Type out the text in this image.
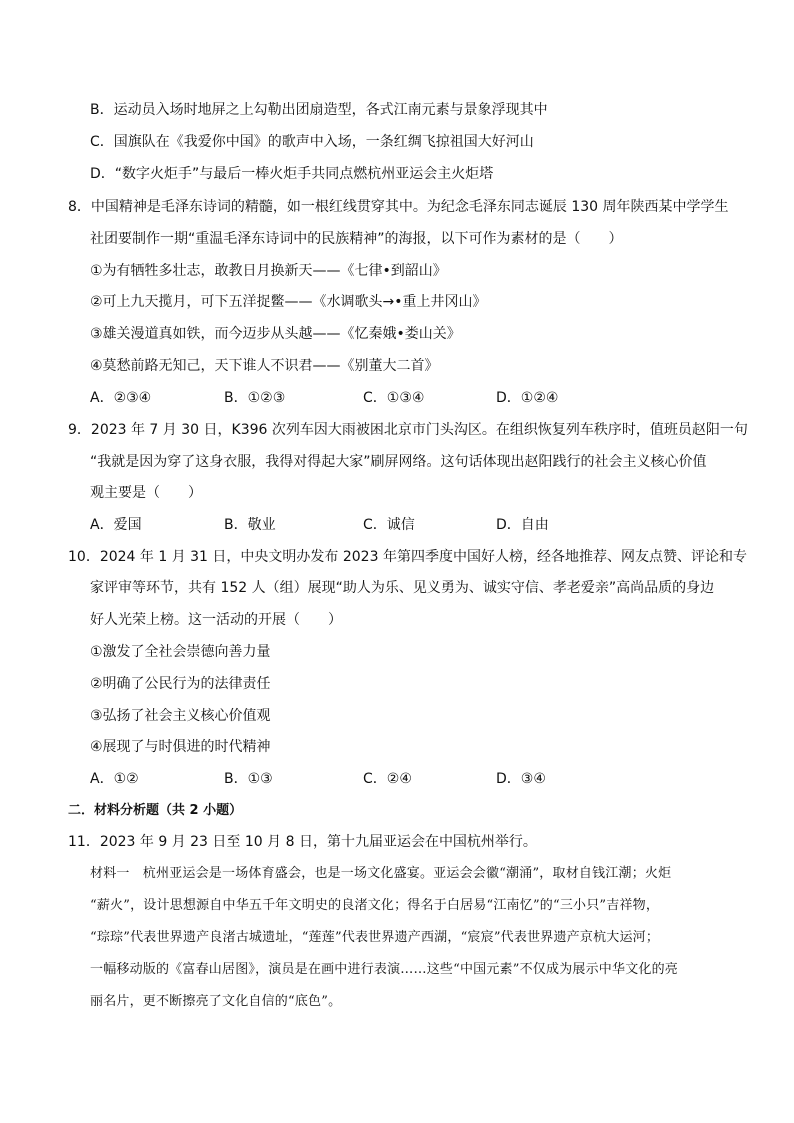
B．运动员入场时地屏之上勾勒出团扇造型，各式江南元素与景象浮现其中
C．国旗队在《我爱你中国》的歌声中入场，一条红绸飞掠祖国大好河山
D．“数字火炬手”与最后一棒火炬手共同点燃杭州亚运会主火炬塔
8．中国精神是毛泽东诗词的精髓，如一根红线贯穿其中。为纪念毛泽东同志诞辰 130 周年陕西某中学学生
社团要制作一期“重温毛泽东诗词中的民族精神”的海报，以下可作为素材的是（　　）
①为有牺牲多壮志，敢教日月换新天——《七律•到韶山》
②可上九天揽月，可下五洋捉鳖——《水调歌头→•重上井冈山》
③雄关漫道真如铁，而今迈步从头越——《忆秦娥•娄山关》
④莫愁前路无知己，天下谁人不识君——《别董大二首》
A．②③④	B．①②③	C．①③④	D．①②④
9．2023 年 7 月 30 日，K396 次列车因大雨被困北京市门头沟区。在组织恢复列车秩序时，值班员赵阳一句
“我就是因为穿了这身衣服，我得对得起大家”刷屏网络。这句话体现出赵阳践行的社会主义核心价值
观主要是（　　）
A．爱国	B．敬业	C．诚信	D．自由
10．2024 年 1 月 31 日，中央文明办发布 2023 年第四季度中国好人榜，经各地推荐、网友点赞、评论和专
家评审等环节，共有 152 人（组）展现“助人为乐、见义勇为、诚实守信、孝老爱亲”高尚品质的身边
好人光荣上榜。这一活动的开展（　　）
①激发了全社会崇德向善力量
②明确了公民行为的法律责任
③弘扬了社会主义核心价值观
④展现了与时俱进的时代精神
A．①②	B．①③	C．②④	D．③④
二．材料分析题（共 2 小题）
11．2023 年 9 月 23 日至 10 月 8 日，第十九届亚运会在中国杭州举行。
材料一　杭州亚运会是一场体育盛会，也是一场文化盛宴。亚运会会徽“潮涌”，取材自钱江潮；火炬
“薪火”，设计思想源自中华五千年文明史的良渚文化；得名于白居易“江南忆”的“三小只”吉祥物，
“琮琮”代表世界遗产良渚古城遗址，“莲莲”代表世界遗产西湖，“宸宸”代表世界遗产京杭大运河；
一幅移动版的《富春山居图》，演员是在画中进行表演……这些“中国元素”不仅成为展示中华文化的亮
丽名片，更不断擦亮了文化自信的“底色”。
